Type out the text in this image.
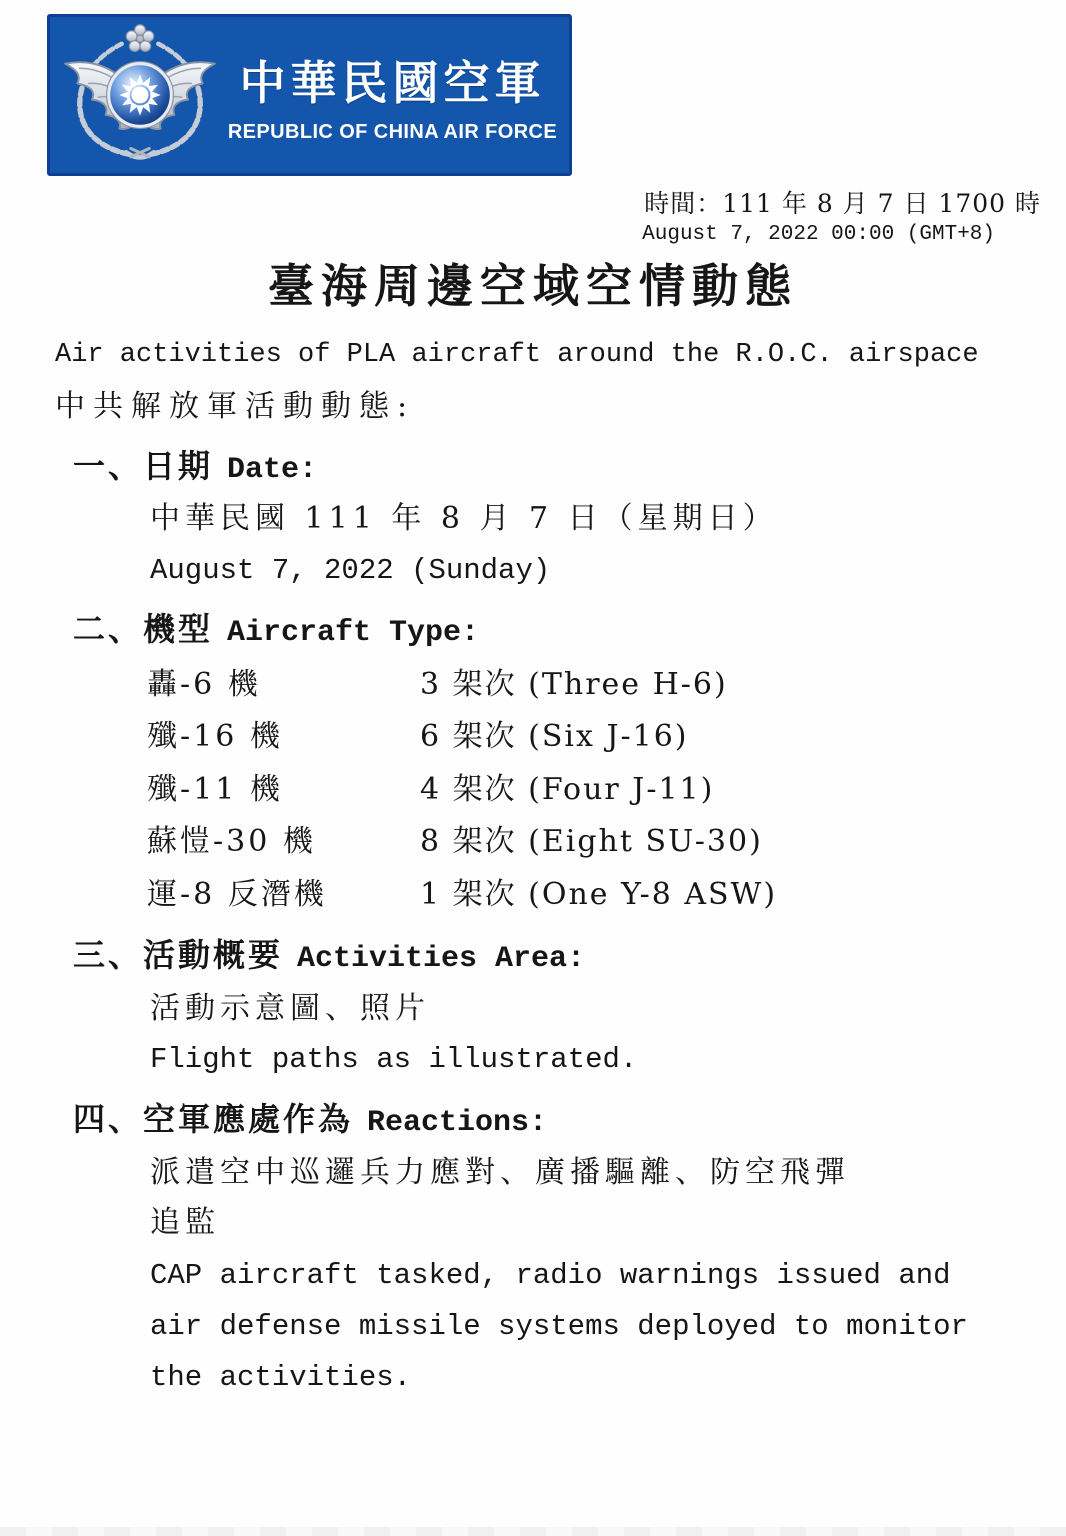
中華民國空軍
REPUBLIC OF CHINA AIR FORCE
時間：111 年 8 月 7 日 1700 時
August 7, 2022 00:00 (GMT+8)
臺海周邊空域空情動態

Air activities of PLA aircraft around the R.O.C. airspace

中共解放軍活動動態:

一、日期 Date:

中華民國 111 年 8 月 7 日（星期日）

August 7, 2022 (Sunday)

二、機型 Aircraft Type:
轟-6 機	3 架次 (Three H-6)
殲-16 機	6 架次 (Six J-16)
殲-11 機	4 架次 (Four J-11)
蘇愷-30 機	8 架次 (Eight SU-30)
運-8 反潛機	1 架次 (One Y-8 ASW)
三、活動概要 Activities Area:

活動示意圖、照片

Flight paths as illustrated.

四、空軍應處作為 Reactions:

派遣空中巡邏兵力應對、廣播驅離、防空飛彈

追監

CAP aircraft tasked, radio warnings issued and

air defense missile systems deployed to monitor

the activities.
